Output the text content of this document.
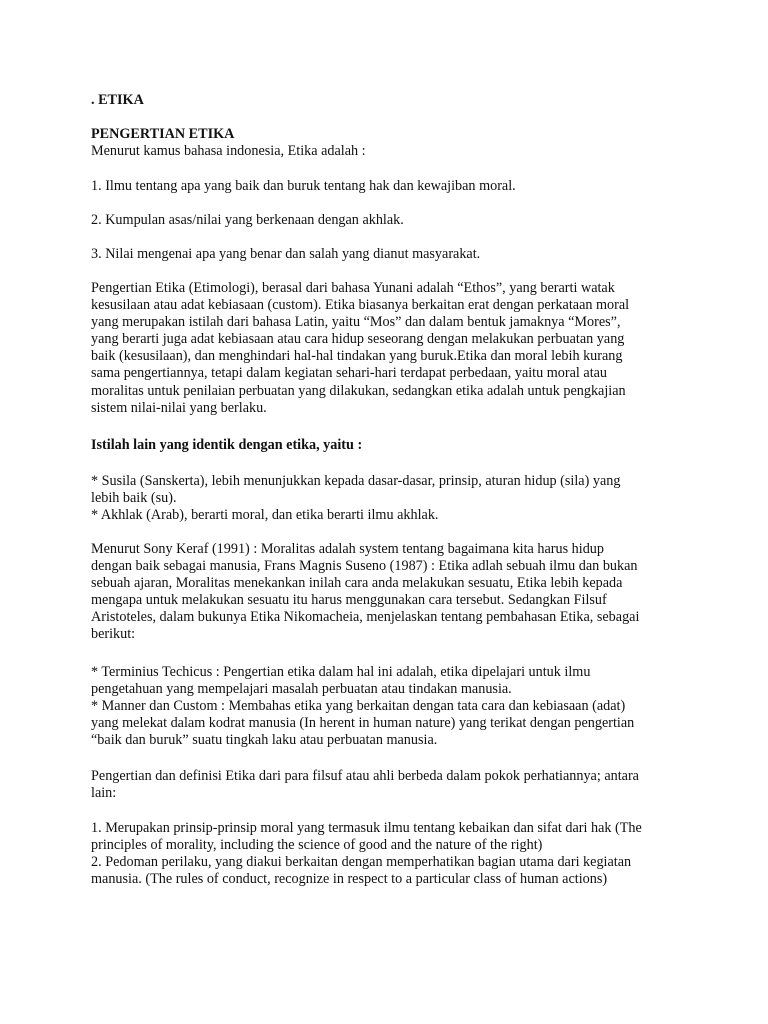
. ETIKA

PENGERTIAN ETIKA

Menurut kamus bahasa indonesia, Etika adalah :

1. Ilmu tentang apa yang baik dan buruk tentang hak dan kewajiban moral.

2. Kumpulan asas/nilai yang berkenaan dengan akhlak.

3. Nilai mengenai apa yang benar dan salah yang dianut masyarakat.

Pengertian Etika (Etimologi), berasal dari bahasa Yunani adalah “Ethos”, yang berarti watak
kesusilaan atau adat kebiasaan (custom). Etika biasanya berkaitan erat dengan perkataan moral
yang merupakan istilah dari bahasa Latin, yaitu “Mos” dan dalam bentuk jamaknya “Mores”,
yang berarti juga adat kebiasaan atau cara hidup seseorang dengan melakukan perbuatan yang
baik (kesusilaan), dan menghindari hal-hal tindakan yang buruk.Etika dan moral lebih kurang
sama pengertiannya, tetapi dalam kegiatan sehari-hari terdapat perbedaan, yaitu moral atau
moralitas untuk penilaian perbuatan yang dilakukan, sedangkan etika adalah untuk pengkajian
sistem nilai-nilai yang berlaku.

Istilah lain yang identik dengan etika, yaitu :

* Susila (Sanskerta), lebih menunjukkan kepada dasar-dasar, prinsip, aturan hidup (sila) yang
lebih baik (su).
* Akhlak (Arab), berarti moral, dan etika berarti ilmu akhlak.

Menurut Sony Keraf (1991) : Moralitas adalah system tentang bagaimana kita harus hidup
dengan baik sebagai manusia, Frans Magnis Suseno (1987) : Etika adlah sebuah ilmu dan bukan
sebuah ajaran, Moralitas menekankan inilah cara anda melakukan sesuatu, Etika lebih kepada
mengapa untuk melakukan sesuatu itu harus menggunakan cara tersebut. Sedangkan Filsuf
Aristoteles, dalam bukunya Etika Nikomacheia, menjelaskan tentang pembahasan Etika, sebagai
berikut:

* Terminius Techicus : Pengertian etika dalam hal ini adalah, etika dipelajari untuk ilmu
pengetahuan yang mempelajari masalah perbuatan atau tindakan manusia.
* Manner dan Custom : Membahas etika yang berkaitan dengan tata cara dan kebiasaan (adat)
yang melekat dalam kodrat manusia (In herent in human nature) yang terikat dengan pengertian
“baik dan buruk” suatu tingkah laku atau perbuatan manusia.

Pengertian dan definisi Etika dari para filsuf atau ahli berbeda dalam pokok perhatiannya; antara
lain:

1. Merupakan prinsip-prinsip moral yang termasuk ilmu tentang kebaikan dan sifat dari hak (The
principles of morality, including the science of good and the nature of the right)
2. Pedoman perilaku, yang diakui berkaitan dengan memperhatikan bagian utama dari kegiatan
manusia. (The rules of conduct, recognize in respect to a particular class of human actions)
